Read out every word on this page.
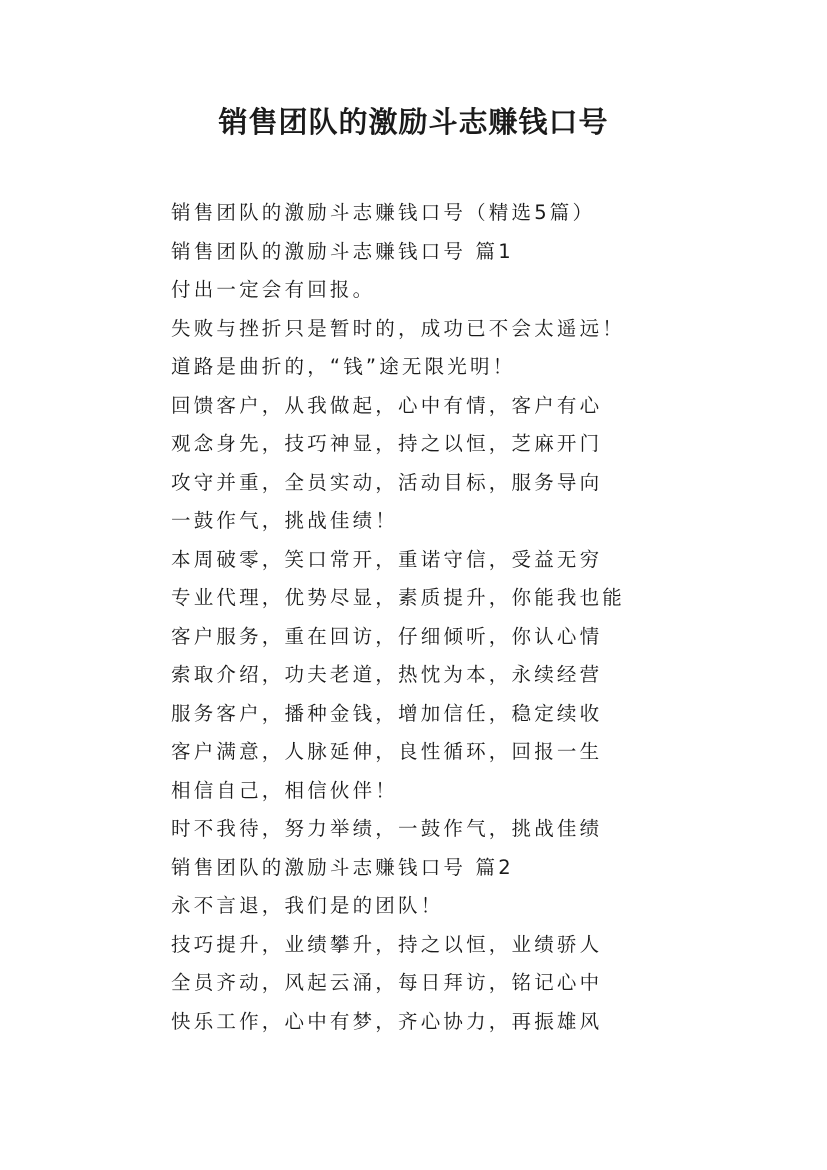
销售团队的激励斗志赚钱口号
销售团队的激励斗志赚钱口号（精选5篇）
销售团队的激励斗志赚钱口号 篇1
付出一定会有回报。
失败与挫折只是暂时的，成功已不会太遥远！
道路是曲折的，“钱”途无限光明！
回馈客户，从我做起，心中有情，客户有心
观念身先，技巧神显，持之以恒，芝麻开门
攻守并重，全员实动，活动目标，服务导向
一鼓作气，挑战佳绩！
本周破零，笑口常开，重诺守信，受益无穷
专业代理，优势尽显，素质提升，你能我也能
客户服务，重在回访，仔细倾听，你认心情
索取介绍，功夫老道，热忱为本，永续经营
服务客户，播种金钱，增加信任，稳定续收
客户满意，人脉延伸，良性循环，回报一生
相信自己，相信伙伴！
时不我待，努力举绩，一鼓作气，挑战佳绩
销售团队的激励斗志赚钱口号 篇2
永不言退，我们是的团队！
技巧提升，业绩攀升，持之以恒，业绩骄人
全员齐动，风起云涌，每日拜访，铭记心中
快乐工作，心中有梦，齐心协力，再振雄风
